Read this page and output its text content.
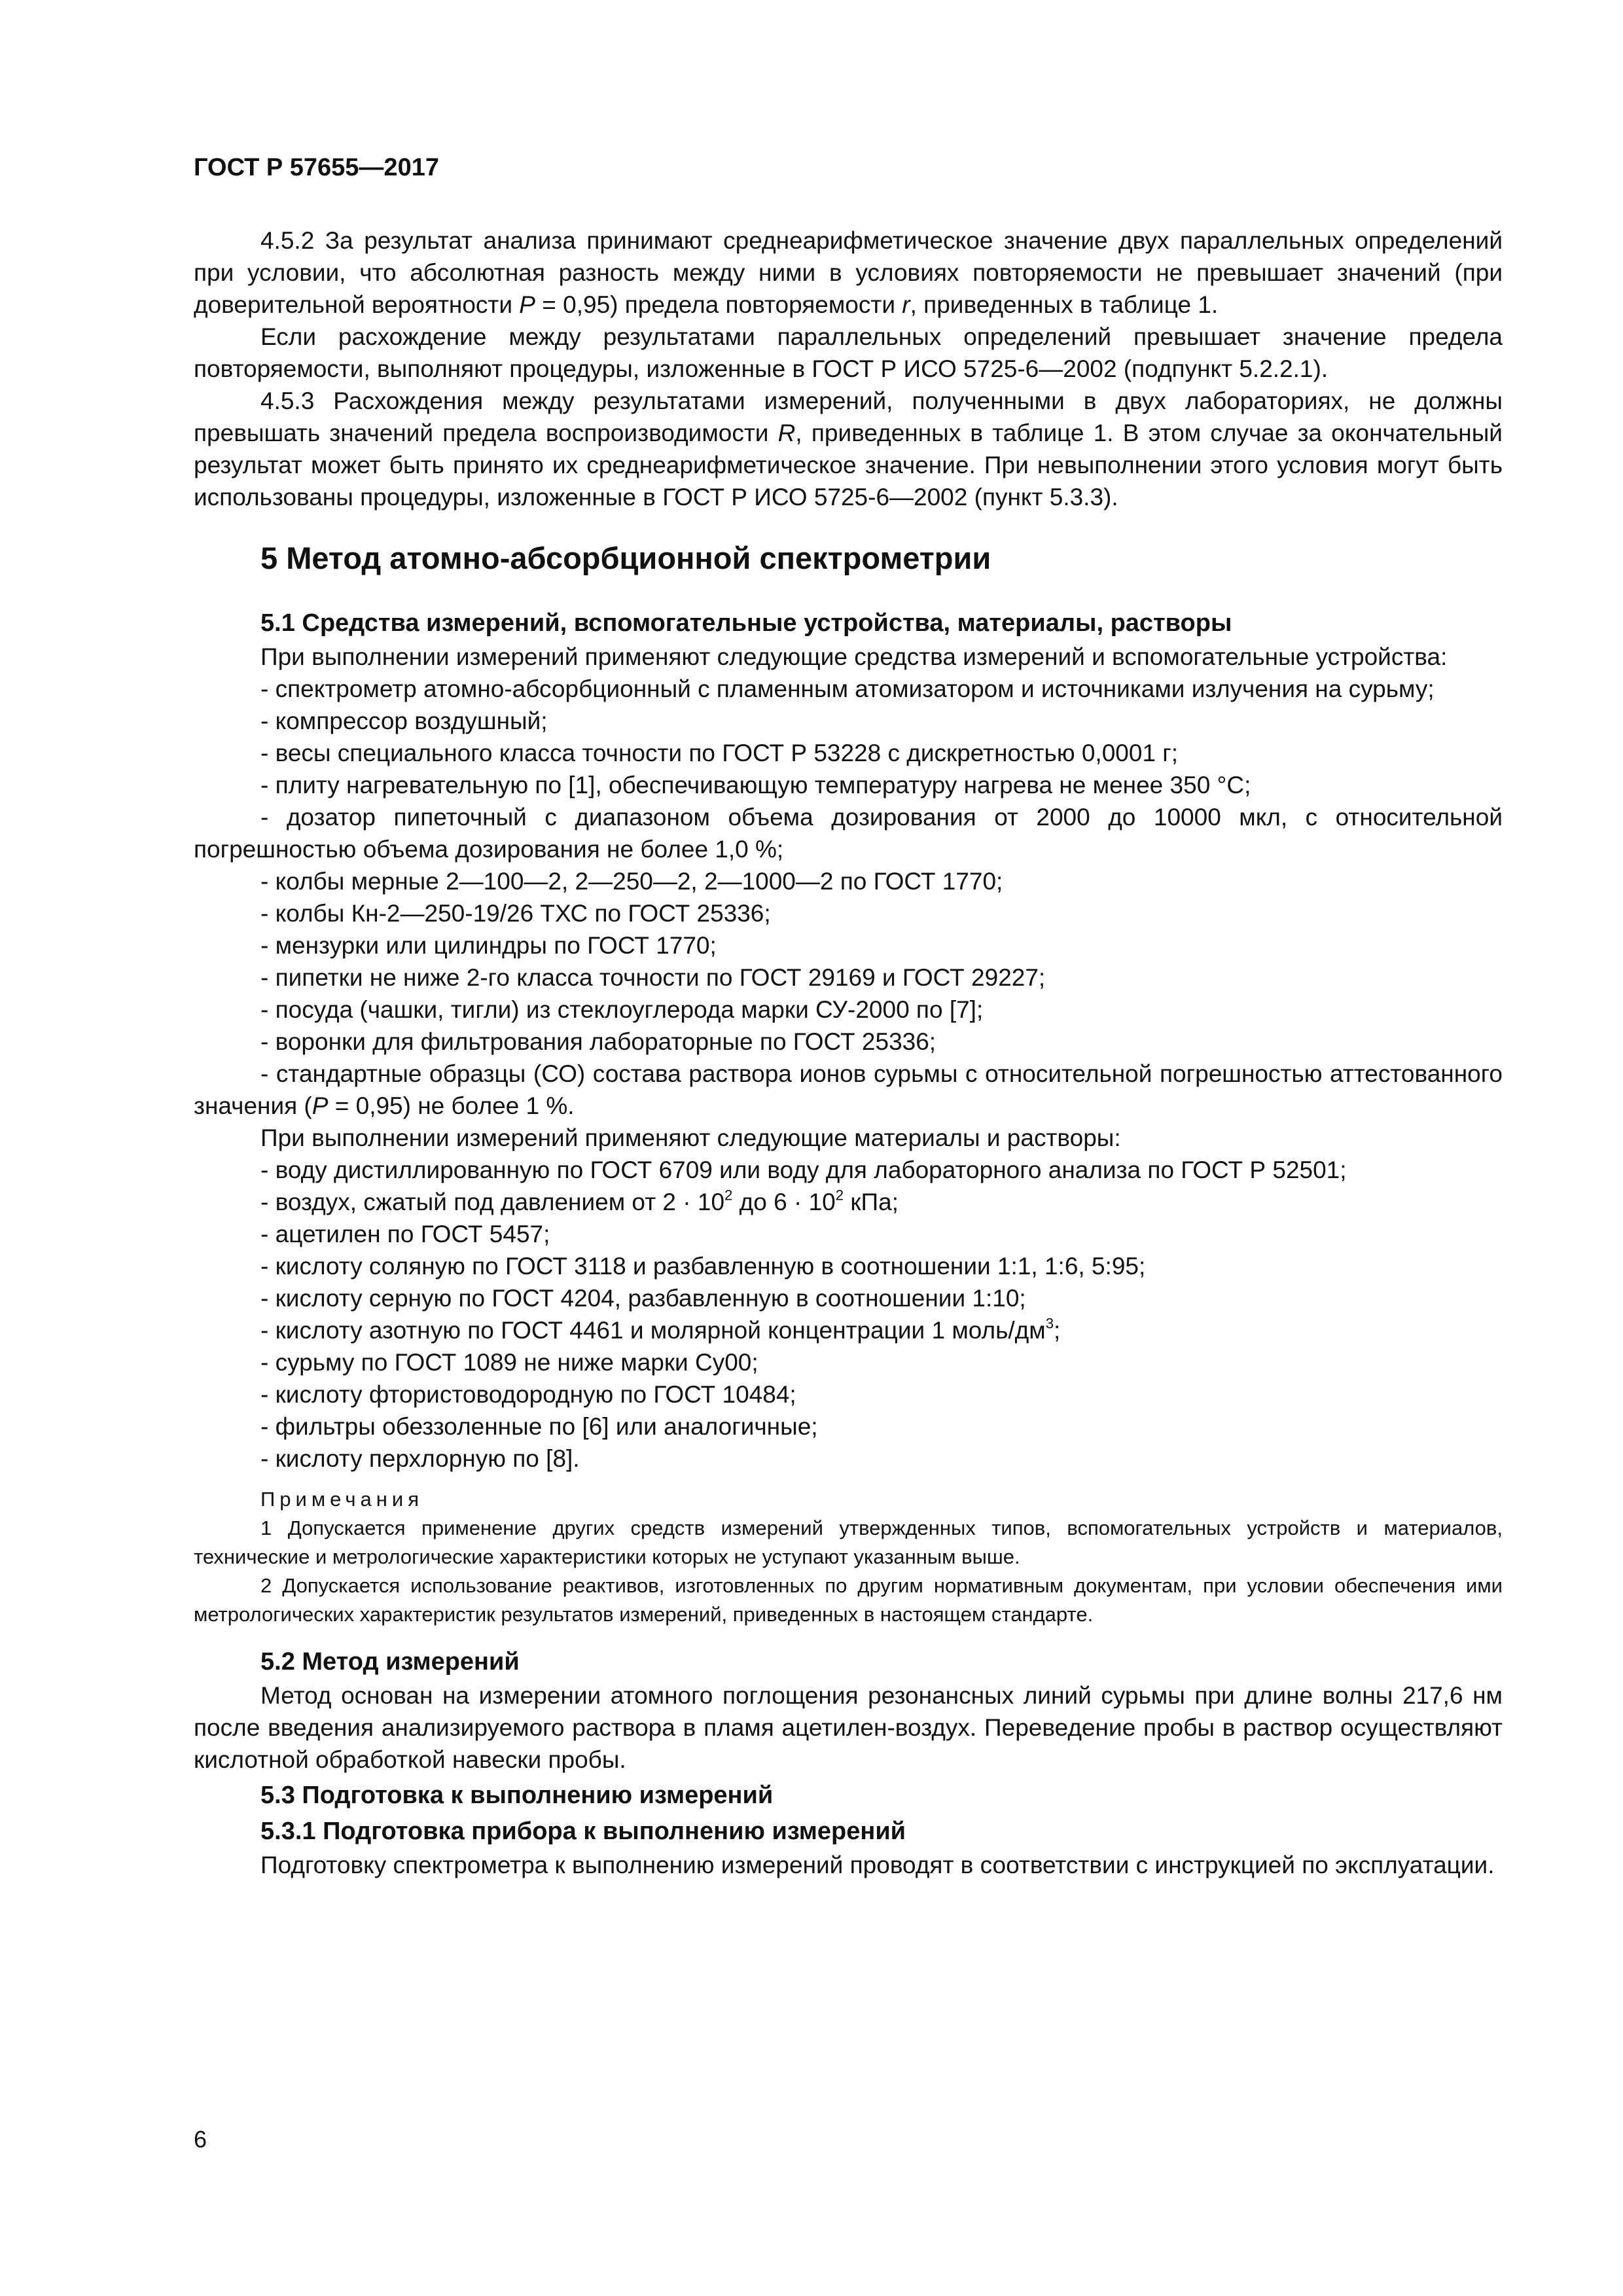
ГОСТ Р 57655—2017

4.5.2 За результат анализа принимают среднеарифметическое значение двух параллельных определений при условии, что абсолютная разность между ними в условиях повторяемости не превышает значений (при доверительной вероятности P = 0,95) предела повторяемости r, приведенных в таблице 1.

Если расхождение между результатами параллельных определений превышает значение предела повторяемости, выполняют процедуры, изложенные в ГОСТ Р ИСО 5725-6—2002 (подпункт 5.2.2.1).

4.5.3 Расхождения между результатами измерений, полученными в двух лабораториях, не должны превышать значений предела воспроизводимости R, приведенных в таблице 1. В этом случае за окончательный результат может быть принято их среднеарифметическое значение. При невыполнении этого условия могут быть использованы процедуры, изложенные в ГОСТ Р ИСО 5725-6—2002 (пункт 5.3.3).

5 Метод атомно-абсорбционной спектрометрии
5.1 Средства измерений, вспомогательные устройства, материалы, растворы

При выполнении измерений применяют следующие средства измерений и вспомогательные устройства:

- спектрометр атомно-абсорбционный с пламенным атомизатором и источниками излучения на сурьму;

- компрессор воздушный;

- весы специального класса точности по ГОСТ Р 53228 с дискретностью 0,0001 г;

- плиту нагревательную по [1], обеспечивающую температуру нагрева не менее 350 °С;

- дозатор пипеточный с диапазоном объема дозирования от 2000 до 10000 мкл, с относительной погрешностью объема дозирования не более 1,0 %;

- колбы мерные 2—100—2, 2—250—2, 2—1000—2 по ГОСТ 1770;

- колбы Кн-2—250-19/26 ТХС по ГОСТ 25336;

- мензурки или цилиндры по ГОСТ 1770;

- пипетки не ниже 2-го класса точности по ГОСТ 29169 и ГОСТ 29227;

- посуда (чашки, тигли) из стеклоуглерода марки СУ-2000 по [7];

- воронки для фильтрования лабораторные по ГОСТ 25336;

- стандартные образцы (СО) состава раствора ионов сурьмы с относительной погрешностью аттестованного значения (P = 0,95) не более 1 %.

При выполнении измерений применяют следующие материалы и растворы:

- воду дистиллированную по ГОСТ 6709 или воду для лабораторного анализа по ГОСТ Р 52501;

- воздух, сжатый под давлением от $2 \cdot 10^2$ до $6 \cdot 10^2$ кПа;

- ацетилен по ГОСТ 5457;

- кислоту соляную по ГОСТ 3118 и разбавленную в соотношении 1:1, 1:6, 5:95;

- кислоту серную по ГОСТ 4204, разбавленную в соотношении 1:10;

- кислоту азотную по ГОСТ 4461 и молярной концентрации 1 моль/$дм^3$;

- сурьму по ГОСТ 1089 не ниже марки Су00;

- кислоту фтористоводородную по ГОСТ 10484;

- фильтры обеззоленные по [6] или аналогичные;

- кислоту перхлорную по [8].

Примечания

1 Допускается применение других средств измерений утвержденных типов, вспомогательных устройств и материалов, технические и метрологические характеристики которых не уступают указанным выше.

2 Допускается использование реактивов, изготовленных по другим нормативным документам, при условии обеспечения ими метрологических характеристик результатов измерений, приведенных в настоящем стандарте.

5.2 Метод измерений

Метод основан на измерении атомного поглощения резонансных линий сурьмы при длине волны 217,6 нм после введения анализируемого раствора в пламя ацетилен-воздух. Переведение пробы в раствор осуществляют кислотной обработкой навески пробы.

5.3 Подготовка к выполнению измерений
5.3.1 Подготовка прибора к выполнению измерений

Подготовку спектрометра к выполнению измерений проводят в соответствии с инструкцией по эксплуатации.

6
